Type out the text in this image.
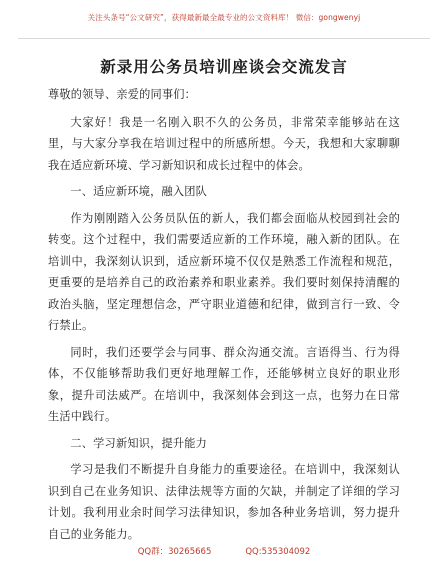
关注头条号“公文研究”，获得最新最全最专业的公文资料库！ 微信：gongwenyj
新录用公务员培训座谈会交流发言

尊敬的领导、亲爱的同事们：

大家好！我是一名刚入职不久的公务员，非常荣幸能够站在这里，与大家分享我在培训过程中的所感所想。今天，我想和大家聊聊我在适应新环境、学习新知识和成长过程中的体会。

一、适应新环境，融入团队

作为刚刚踏入公务员队伍的新人，我们都会面临从校园到社会的转变。这个过程中，我们需要适应新的工作环境，融入新的团队。在培训中，我深刻认识到，适应新环境不仅仅是熟悉工作流程和规范，更重要的是培养自己的政治素养和职业素养。我们要时刻保持清醒的政治头脑，坚定理想信念，严守职业道德和纪律，做到言行一致、令行禁止。

同时，我们还要学会与同事、群众沟通交流。言语得当、行为得体，不仅能够帮助我们更好地理解工作，还能够树立良好的职业形象，提升司法威严。在培训中，我深刻体会到这一点，也努力在日常生活中践行。

二、学习新知识，提升能力

学习是我们不断提升自身能力的重要途径。在培训中，我深刻认识到自己在业务知识、法律法规等方面的欠缺，并制定了详细的学习计划。我利用业余时间学习法律知识，参加各种业务培训，努力提升自己的业务能力。

QQ群：30265665	QQ:535304092
